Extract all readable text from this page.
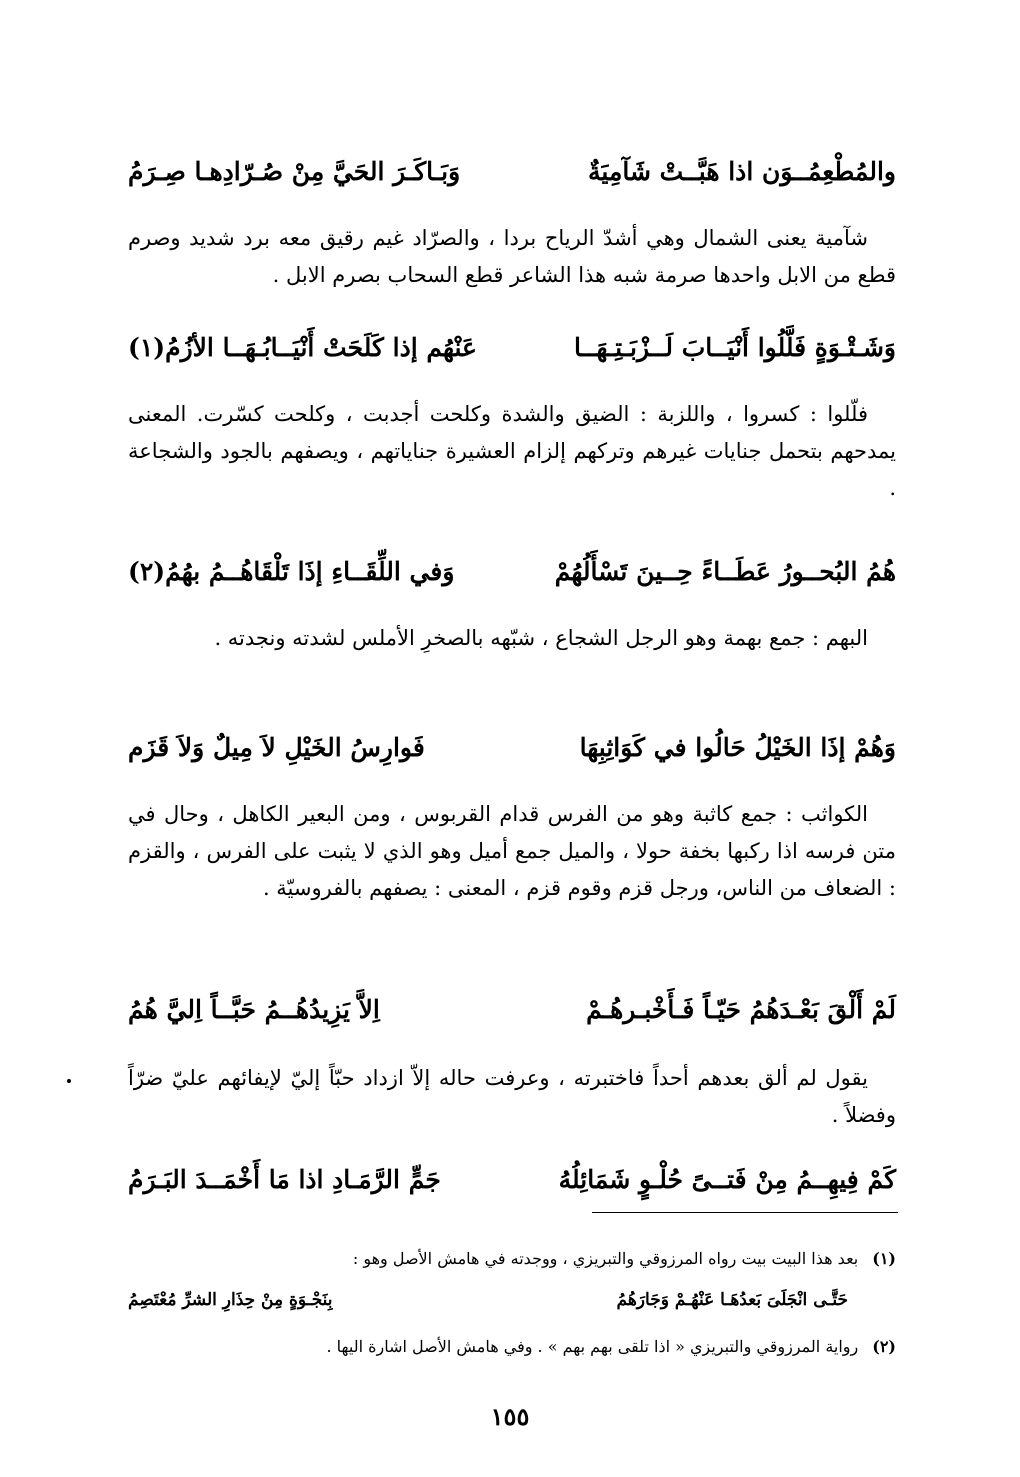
والمُطْعِمُــوَن اذا هَبَّــتْ شَآمِيَةٌ
وَبَـاكَـرَ الحَيَّ مِنْ صُـرّادِهـا صِـرَمُ
شآمية يعنى الشمال وهي أشدّ الرياح بردا ، والصرّاد غيم رقيق معه برد شديد وصرم قطع من الابل واحدها صرمة شبه هذا الشاعر قطع السحاب بصرم الابل .
وَشَـتْـوَةٍ فَلَّلُوا أَنْيَــابَ لَــزْبَـتِـهَــا
عَنْهُم إذا كَلَحَتْ أَنْيَــابُـهَــا الأزُمُ(١)
فلّلوا : كسروا ، واللزبة : الضيق والشدة وكلحت أجدبت ، وكلحت كسّرت. المعنى يمدحهم بتحمل جنايات غيرهم وتركهم إلزام العشيرة جناياتهم ، ويصفهم بالجود والشجاعة .
هُمُ البُحــورُ عَطَــاءً حِــينَ تَسْأَلُهُمْ
وَفي اللِّقَــاءِ إذَا تَلْقَاهُــمُ بهُمُ(٢)
البهم : جمع بهمة وهو الرجل الشجاع ، شبّهه بالصخرِ الأملس لشدته ونجدته .
وَهُمْ إذَا الخَيْلُ حَالُوا في كَوَاثِبِهَا
فَوارِسُ الخَيْلِ لاَ مِيلٌ وَلاَ قَزَم
الكواثب : جمع كاثبة وهو من الفرس قدام القربوس ، ومن البعير الكاهل ، وحال في متن فرسه اذا ركبها بخفة حولا ، والميل جمع أميل وهو الذي لا يثبت على الفرس ، والقزم : الضعاف من الناس، ورجل قزم وقوم قزم ، المعنى : يصفهم بالفروسيّة .
لَمْ أَلْقَ بَعْـدَهُمُ حَيّـاً فَـأَخْبـرهُـمْ
اِلاَّ يَزِيدُهُــمُ حَبَّــاً اِليَّ هُمُ
يقول لم ألق بعدهم أحداً فاختبرته ، وعرفت حاله إلاّ ازداد حبّاً إليّ لإيفائهم عليّ ضرّاً وفضلاً .
كَمْ فِيهِــمُ مِنْ فَتــىً حُلْـوٍ شَمَائِلُهُ
جَمٍّ الرَّمَـادِ اذا مَا أَخْمَــدَ البَـرَمُ
(١)بعد هذا البيت بيت رواه المرزوقي والتبريزي ، ووجدته في هامش الأصل وهو :
حَتَّـى انْجَلَىَ بَعدُهَـا عَنْهُـمْ وَجَارَهُمُ
بِنَجْـوَةٍ مِنْ حِذَارِ الشرِّ مُعْتَصِمُ
(٢)رواية المرزوقي والتبريزي « اذا تلقى بهم بهم » . وفي هامش الأصل اشارة اليها .
١٥٥
